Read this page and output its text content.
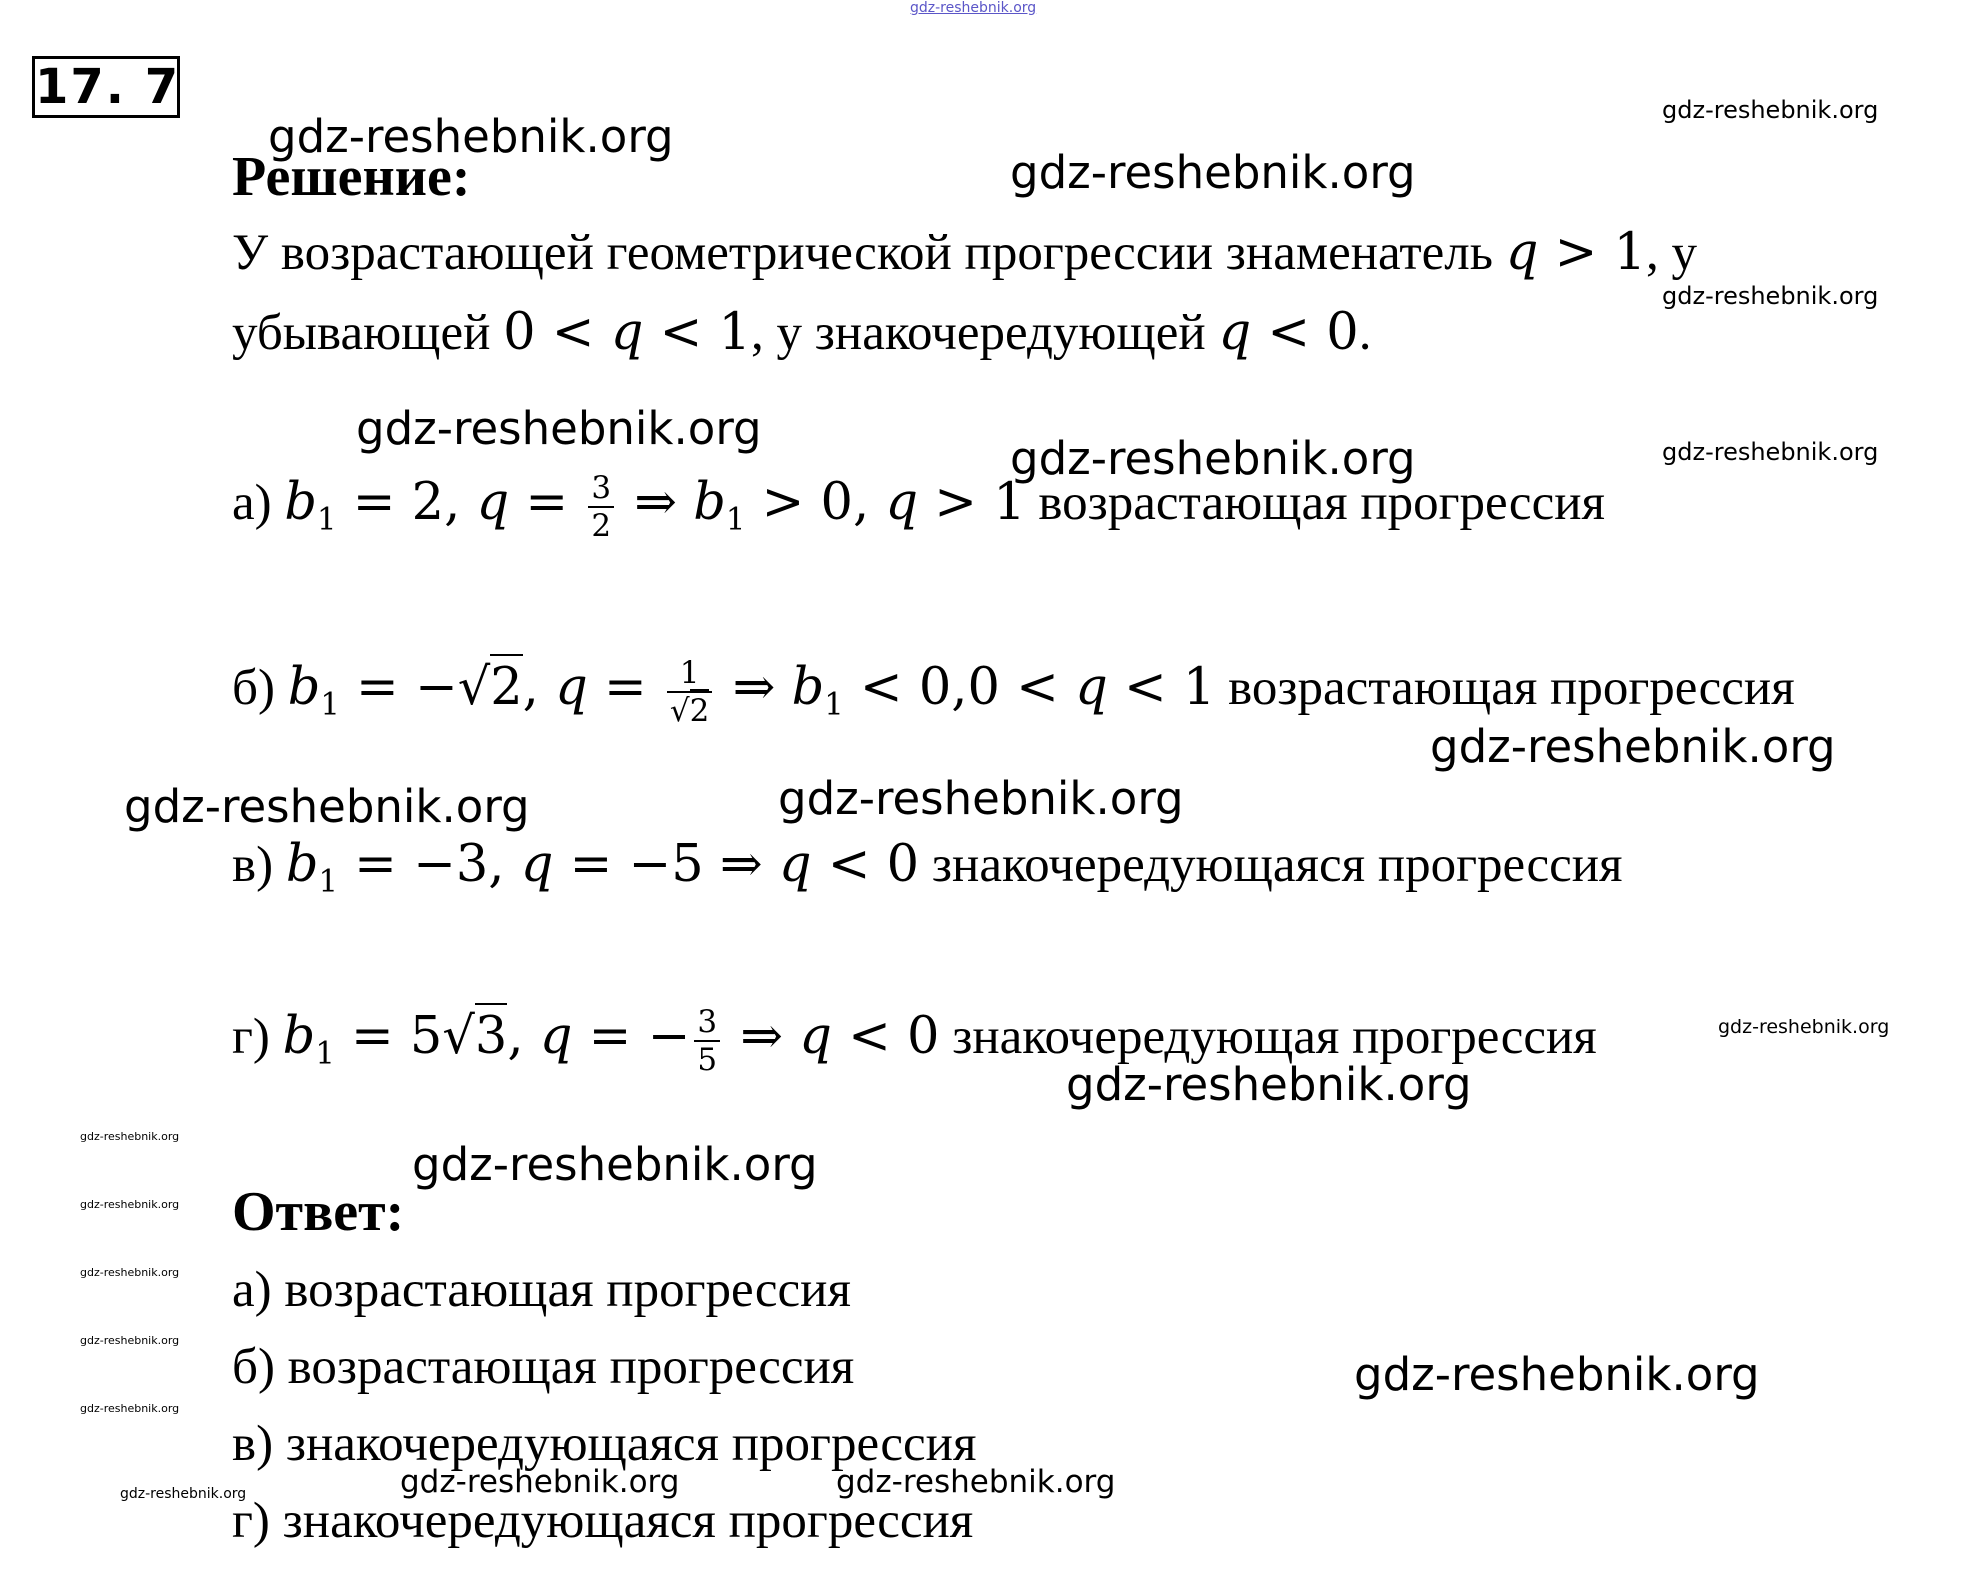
gdz-reshebnik.org
17. 7
Решение:
У возрастающей геометрической прогрессии знаменатель q > 1, у
убывающей 0 < q < 1, у знакочередующей q < 0.
а) $b_1 = 2$, $q = \frac{3}{2}$ ⇒ $b_1 > 0$, q > 1 возрастающая прогрессия
б) $b_1 = -√2$, $q = \frac{1}{√2}$ ⇒ $b_1 < 0,0 < q < 1$ возрастающая прогрессия
в) $b_1 = -3$, q = −5 ⇒ q < 0 знакочередующаяся прогрессия
г) $b_1 = 5√3$, q = − $\frac{3}{5}$ ⇒ q < 0 знакочередующая прогрессия
Ответ:
а) возрастающая прогрессия
б) возрастающая прогрессия
в) знакочередующаяся прогрессия
г) знакочередующаяся прогрессия
gdz-reshebnik.org
gdz-reshebnik.org
gdz-reshebnik.org
gdz-reshebnik.org
gdz-reshebnik.org
gdz-reshebnik.org	gdz-reshebnik.org
gdz-reshebnik.org
gdz-reshebnik.org
gdz-reshebnik.org
gdz-reshebnik.org
gdz-reshebnik.org
gdz-reshebnik.org
gdz-reshebnik.org
gdz-reshebnik.org	gdz-reshebnik.org
gdz-reshebnik.org
gdz-reshebnik.org
gdz-reshebnik.org
gdz-reshebnik.org
gdz-reshebnik.org
gdz-reshebnik.org
